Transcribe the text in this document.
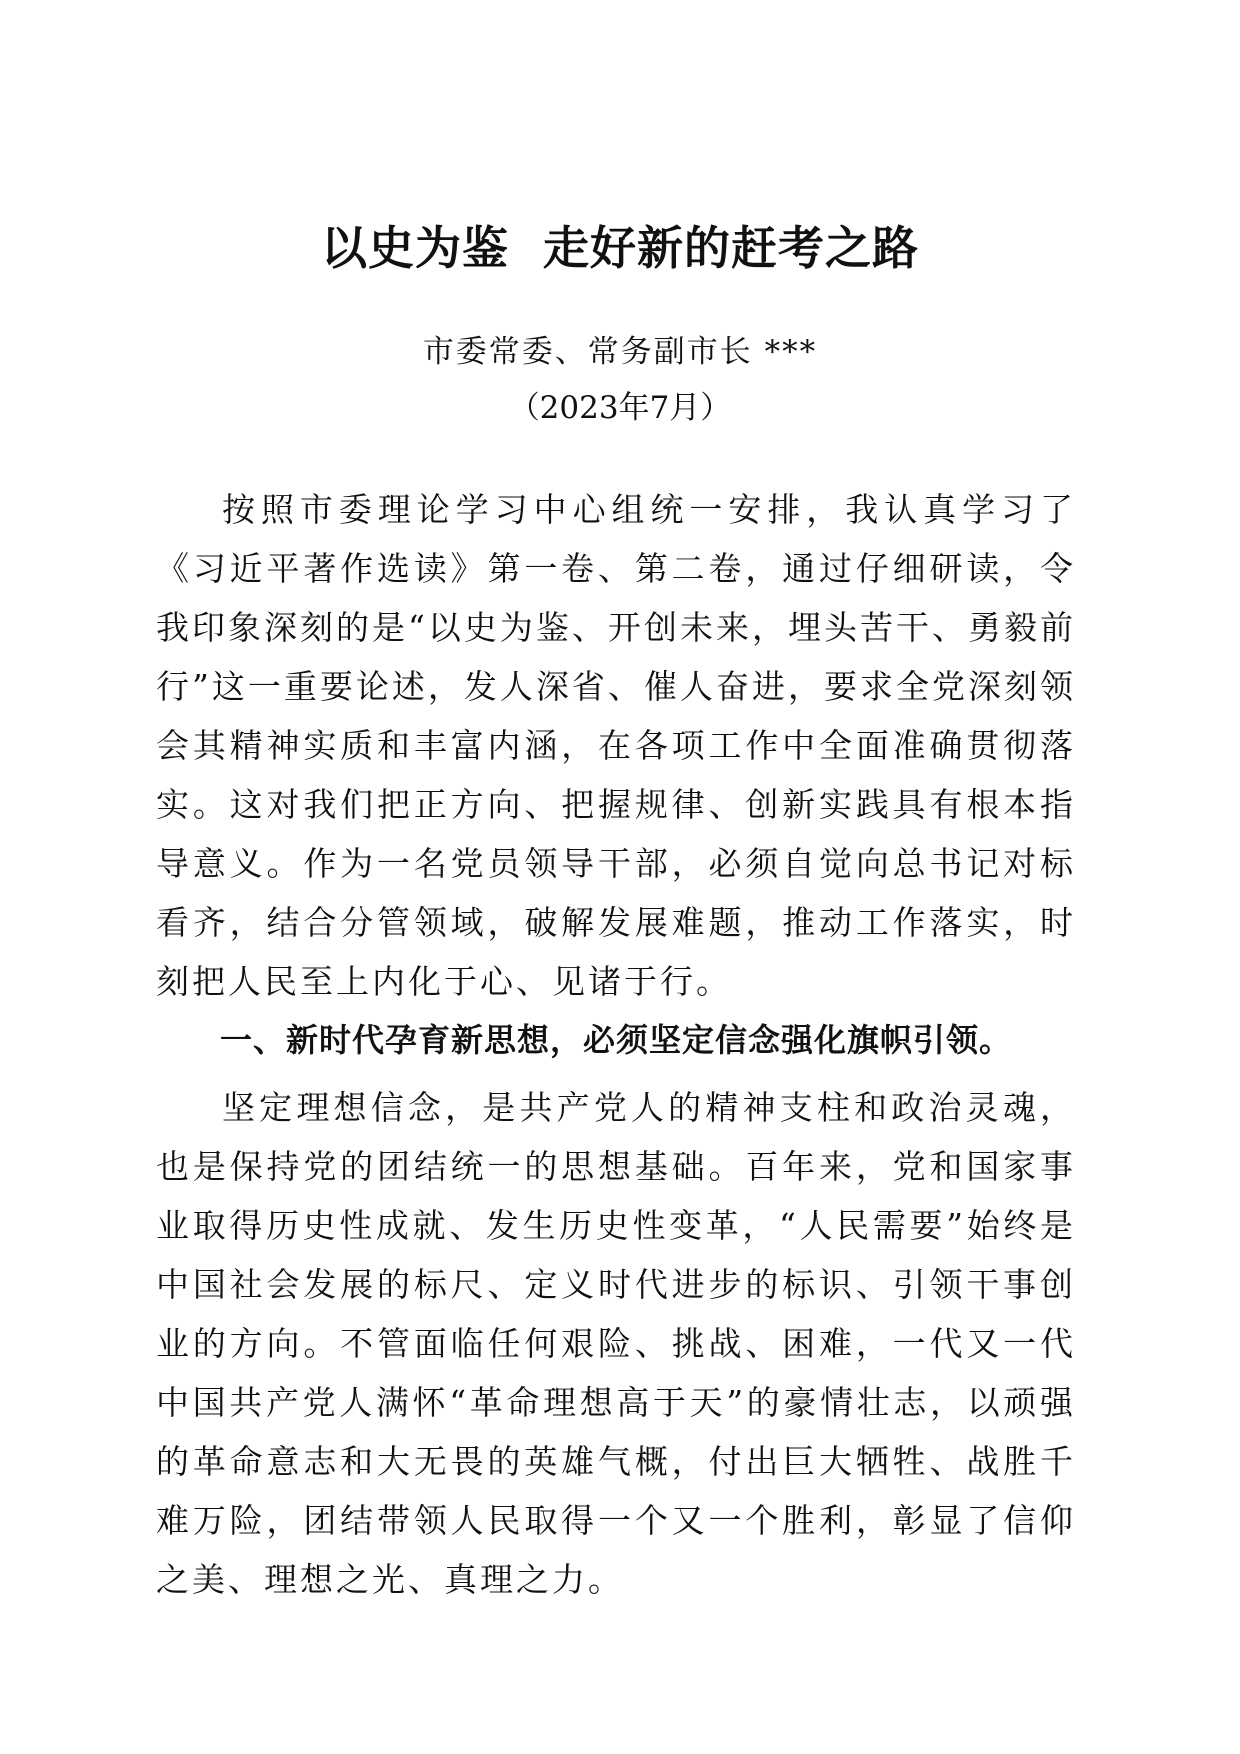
以史为鉴  走好新的赶考之路
市委常委、常务副市长 ***
（2023年7月）

按照市委理论学习中心组统一安排，我认真学习了《习近平著作选读》第一卷、第二卷，通过仔细研读，令我印象深刻的是“以史为鉴、开创未来，埋头苦干、勇毅前行”这一重要论述，发人深省、催人奋进，要求全党深刻领会其精神实质和丰富内涵，在各项工作中全面准确贯彻落实。这对我们把正方向、把握规律、创新实践具有根本指导意义。作为一名党员领导干部，必须自觉向总书记对标看齐，结合分管领域，破解发展难题，推动工作落实，时刻把人民至上内化于心、见诸于行。

一、新时代孕育新思想，必须坚定信念强化旗帜引领。

坚定理想信念，是共产党人的精神支柱和政治灵魂，也是保持党的团结统一的思想基础。百年来，党和国家事业取得历史性成就、发生历史性变革，“人民需要”始终是中国社会发展的标尺、定义时代进步的标识、引领干事创业的方向。不管面临任何艰险、挑战、困难，一代又一代中国共产党人满怀“革命理想高于天”的豪情壮志，以顽强的革命意志和大无畏的英雄气概，付出巨大牺牲、战胜千难万险，团结带领人民取得一个又一个胜利，彰显了信仰之美、理想之光、真理之力。
